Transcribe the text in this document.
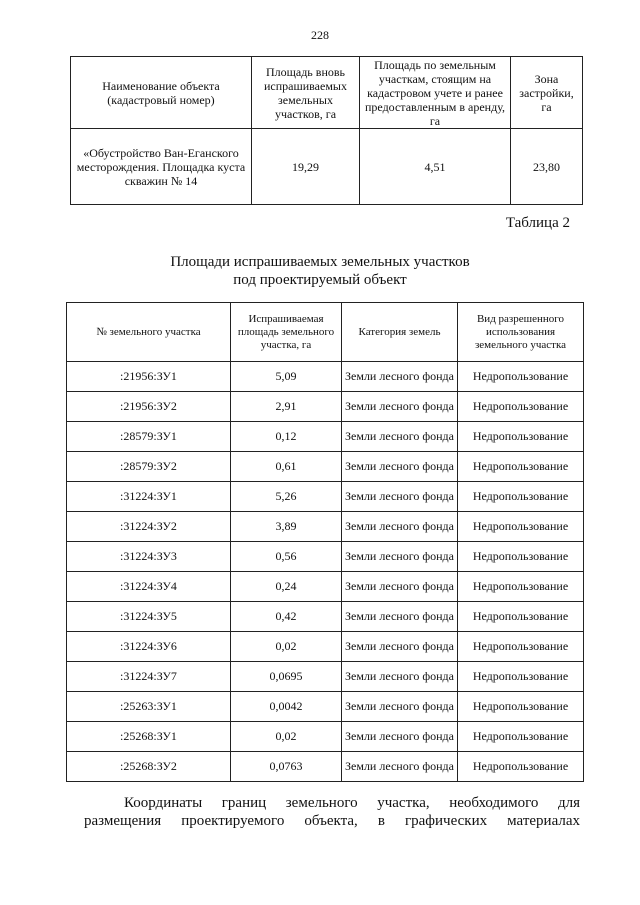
228
Наименование объекта (кадастровый номер)	Площадь вновь испрашиваемых земельных участков, га	Площадь по земельным участкам, стоящим на кадастровом учете и ранее предоставленным в аренду, га	Зона застройки, га
«Обустройство Ван-Еганского месторождения. Площадка куста скважин № 14	19,29	4,51	23,80
Таблица 2
Площади испрашиваемых земельных участков
под проектируемый объект
№ земельного участка	Испрашиваемая площадь земельного участка, га	Категория земель	Вид разрешенного использования земельного участка
:21956:ЗУ1	5,09	Земли лесного фонда	Недропользование
:21956:ЗУ2	2,91	Земли лесного фонда	Недропользование
:28579:ЗУ1	0,12	Земли лесного фонда	Недропользование
:28579:ЗУ2	0,61	Земли лесного фонда	Недропользование
:31224:ЗУ1	5,26	Земли лесного фонда	Недропользование
:31224:ЗУ2	3,89	Земли лесного фонда	Недропользование
:31224:ЗУ3	0,56	Земли лесного фонда	Недропользование
:31224:ЗУ4	0,24	Земли лесного фонда	Недропользование
:31224:ЗУ5	0,42	Земли лесного фонда	Недропользование
:31224:ЗУ6	0,02	Земли лесного фонда	Недропользование
:31224:ЗУ7	0,0695	Земли лесного фонда	Недропользование
:25263:ЗУ1	0,0042	Земли лесного фонда	Недропользование
:25268:ЗУ1	0,02	Земли лесного фонда	Недропользование
:25268:ЗУ2	0,0763	Земли лесного фонда	Недропользование
Координаты границ земельного участка, необходимого для размещения проектируемого объекта, в графических материалах
